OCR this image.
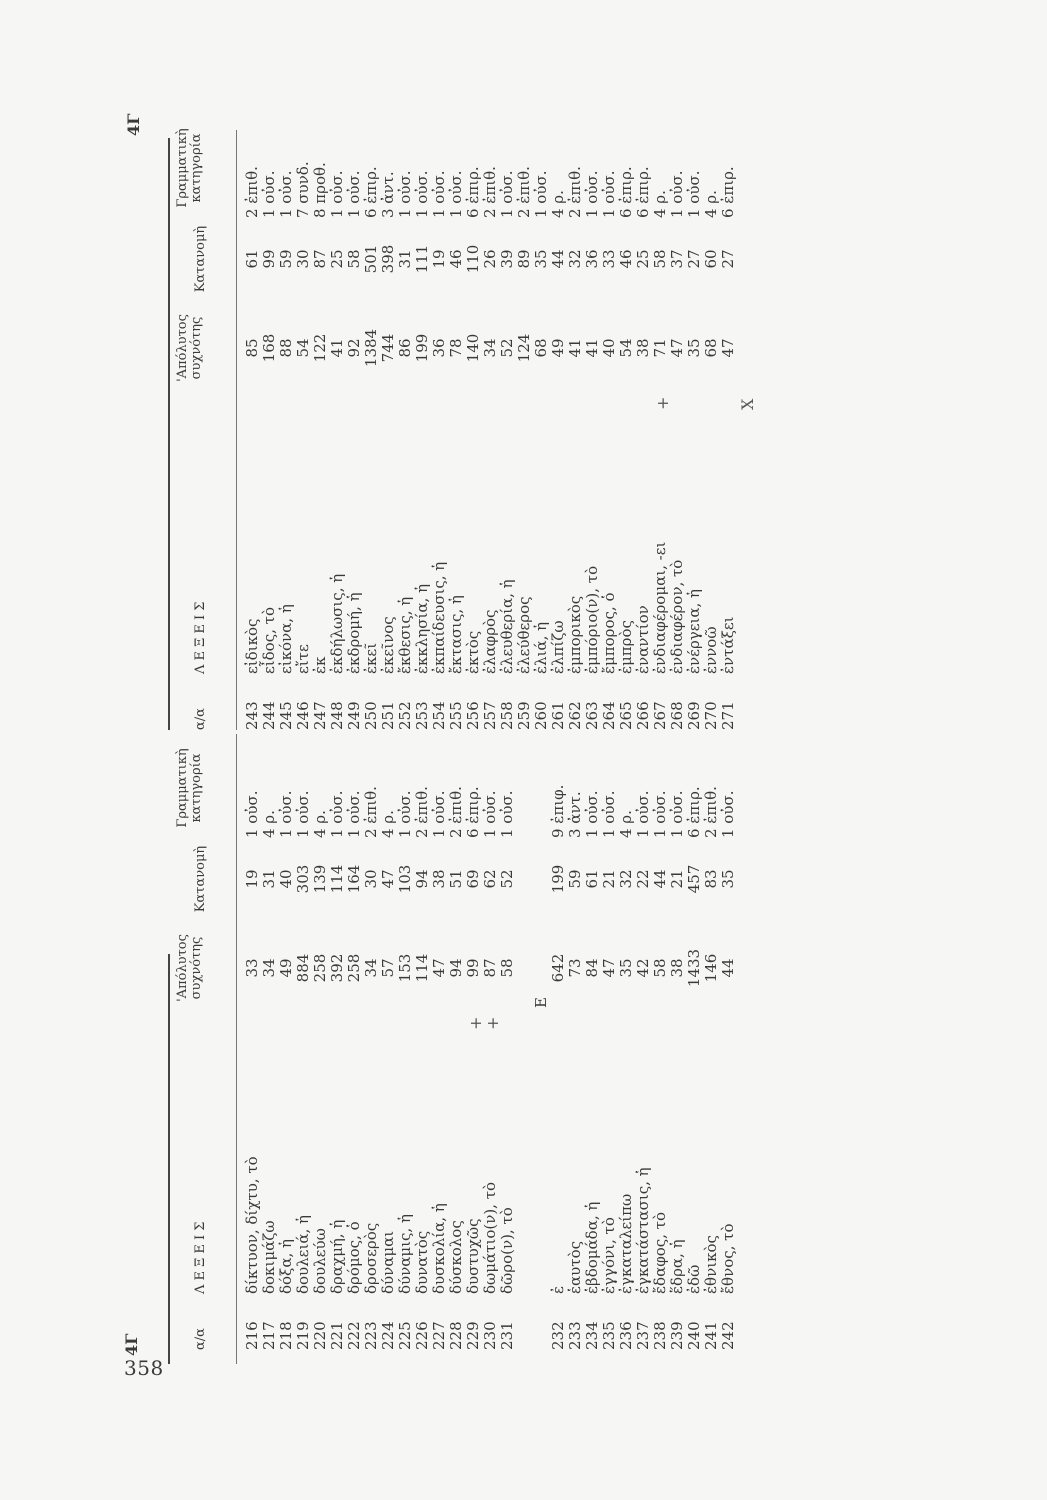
358
4Γ	α/α
Λ Ε Ξ Ε Ι Σ
'Απόλυτος συχνότης
Κατανομὴ
Γραμματικὴ κατηγορία
216
δίκτυον, δίχτυ, τὸ
33
19
1 οὐσ.
217
δοκιμάζω
34
31
4 ρ.
218
δόξα, ἡ
49
40
1 οὐσ.
219
δουλειά, ἡ
884
303
1 οὐσ.
220
δουλεύω
258
139
4 ρ.
221
δραχμή, ἡ
392
114
1 οὐσ.
222
δρόμος, ὁ
258
164
1 οὐσ.
223
δροσερὸς
34
30
2 ἐπιθ.
224
δύναμαι
57
47
4 ρ.
225
δύναμις, ἡ
153
103
1 οὐσ.
226
δυνατὸς
114
94
2 ἐπιθ.
227
δυσκολία, ἡ
47
38
1 οὐσ.
228
δύσκολος
94
51
2 ἐπιθ.
229
δυστυχῶς
99
69
6 ἐπιρ.
230
δωμάτιο(ν), τὸ
87
62
1 οὐσ.
231
δῶρο(ν), τὸ
58
52
1 οὐσ.
232
ἐ
642
199
9 ἐπιφ.
233
ἑαυτὸς
73
59
3 ἀντ.
234
ἑβδομάδα, ἡ
84
61
1 οὐσ.
235
ἐγγόνι, τὸ
47
21
1 οὐσ.
236
ἐγκαταλείπω
35
32
4 ρ.
237
ἐγκατάστασις, ἡ
42
22
1 οὐσ.
238
ἔδαφος, τὸ
58
44
1 οὐσ.
239
ἕδρα, ἡ
38
21
1 οὐσ.
240
ἐδῶ
1433
457
6 ἐπιρ.
241
ἐθνικὸς
146
83
2 ἐπιθ.
242
ἔθνος, τὸ
44
35
1 οὐσ.
+
+
Ε
4Γ
α/α
Λ Ε Ξ Ε Ι Σ
'Απόλυτος συχνότης
Κατανομὴ
Γραμματικὴ κατηγορία
243
εἰδικὸς
85
61
2 ἐπιθ.
244
εἶδος, τὸ
168
99
1 οὐσ.
245
εἰκόνα, ἡ
88
59
1 οὐσ.
246
εἴτε
54
30
7 συνδ.
247
ἐκ
122
87
8 προθ.
248
ἐκδήλωσις, ἡ
41
25
1 οὐσ.
249
ἐκδρομή, ἡ
92
58
1 οὐσ.
250
ἐκεῖ
1384
501
6 ἐπιρ.
251
ἐκεῖνος
744
398
3 ἀντ.
252
ἔκθεσις, ἡ
86
31
1 οὐσ.
253
ἐκκλησία, ἡ
199
111
1 οὐσ.
254
ἐκπαίδευσις, ἡ
36
19
1 οὐσ.
255
ἔκτασις, ἡ
78
46
1 οὐσ.
256
ἐκτὸς
140
110
6 ἐπιρ.
257
ἐλαφρὸς
34
26
2 ἐπιθ.
258
ἐλευθερία, ἡ
52
39
1 οὐσ.
259
ἐλεύθερος
124
89
2 ἐπιθ.
260
ἐλιά, ἡ
68
35
1 οὐσ.
261
ἐλπίζω
49
44
4 ρ.
262
ἐμπορικὸς
41
32
2 ἐπιθ.
263
ἐμπόριο(ν), τὸ
41
36
1 οὐσ.
264
ἔμπορος, ὁ
40
33
1 οὐσ.
265
ἐμπρὸς
54
46
6 ἐπιρ.
266
ἐναντίον
38
25
6 ἐπιρ.
267
ἐνδιαφέρομαι, -ει
71
58
4 ρ.
268
ἐνδιαφέρον, τὸ
47
37
1 οὐσ.
269
ἐνέργεια, ἡ
35
27
1 οὐσ.
270
ἐννοῶ
68
60
4 ρ.
271
ἐντάξει
47
27
6 ἐπιρ.
+	X
